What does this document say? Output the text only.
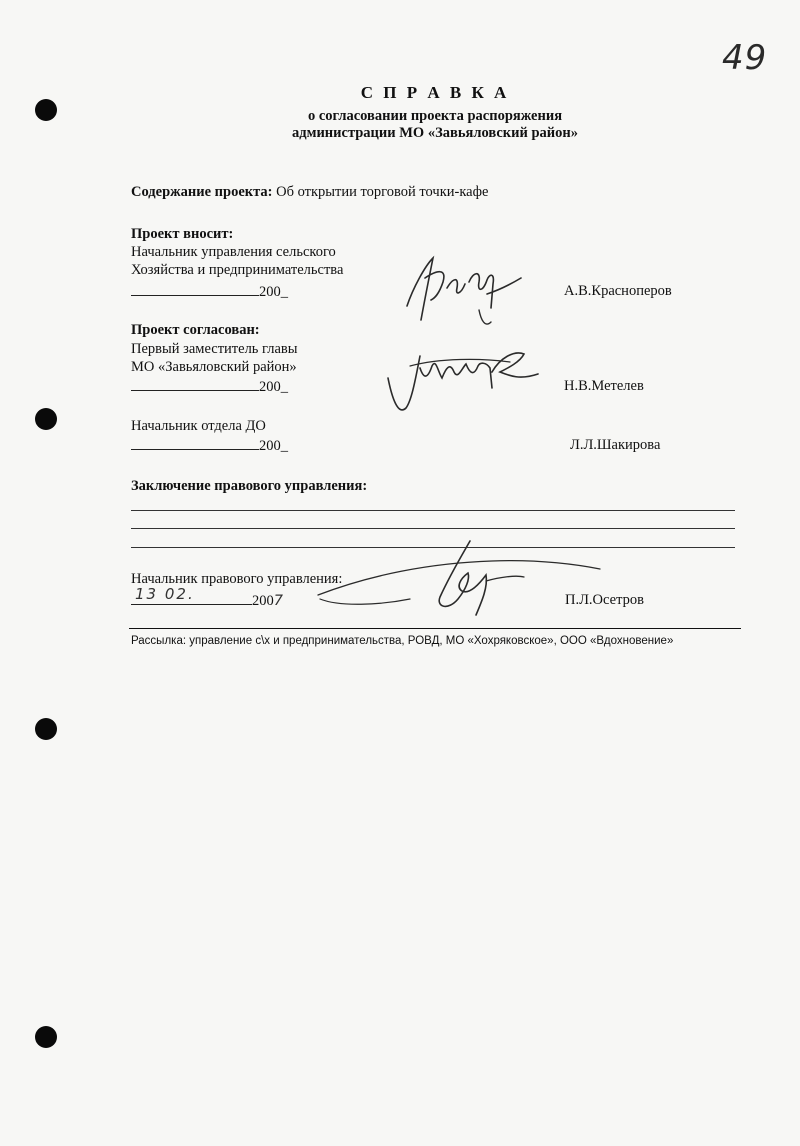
49
С П Р А В К А
о согласовании проекта распоряжения
администрации МО «Завьяловский район»
Содержание проекта: Об открытии торговой точки-кафе
Проект вносит:
Начальник управления сельского
Хозяйства и предпринимательства
200_	А.В.Красноперов
Проект согласован:
Первый заместитель главы
МО «Завьяловский район»
200_	Н.В.Метелев
Начальник отдела ДО
200_	Л.Л.Шакирова
Заключение правового управления:
Начальник правового управления:
13 02.	2007	П.Л.Осетров
Рассылка: управление с\х и предпринимательства, РОВД, МО «Хохряковское», ООО «Вдохновение»
